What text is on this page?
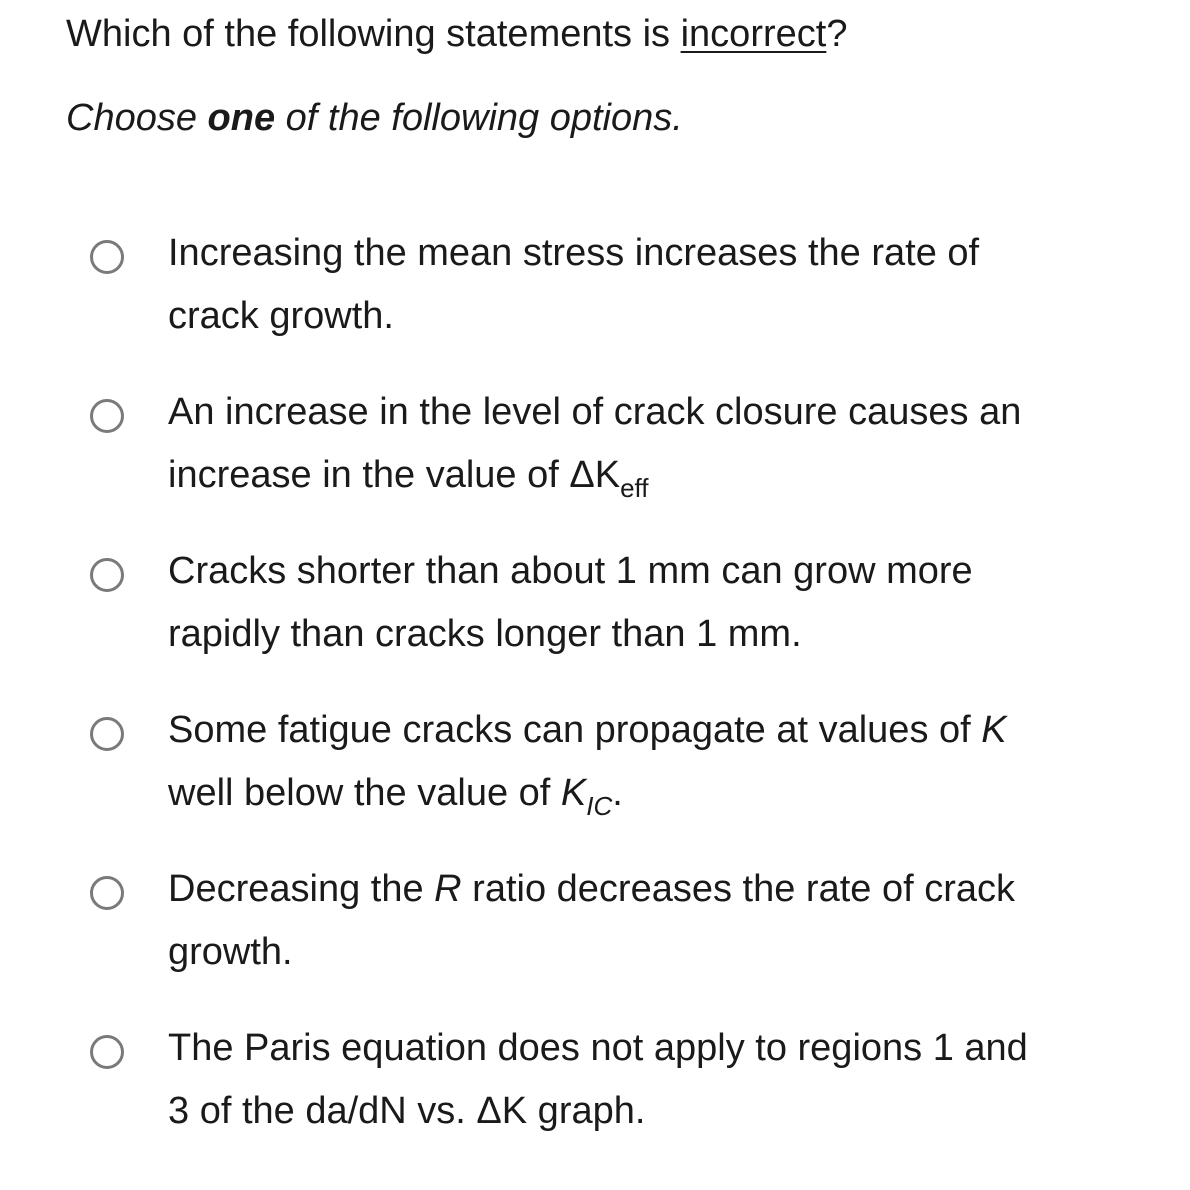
Which of the following statements is incorrect?

Choose one of the following options.

Increasing the mean stress increases the rate of
crack growth.
An increase in the level of crack closure causes an
increase in the value of $\Delta K_{eff}$
Cracks shorter than about 1 mm can grow more
rapidly than cracks longer than 1 mm.
Some fatigue cracks can propagate at values of K
well below the value of $K_{IC}$.
Decreasing the R ratio decreases the rate of crack
growth.
The Paris equation does not apply to regions 1 and
3 of the da/dN vs. ΔK graph.
